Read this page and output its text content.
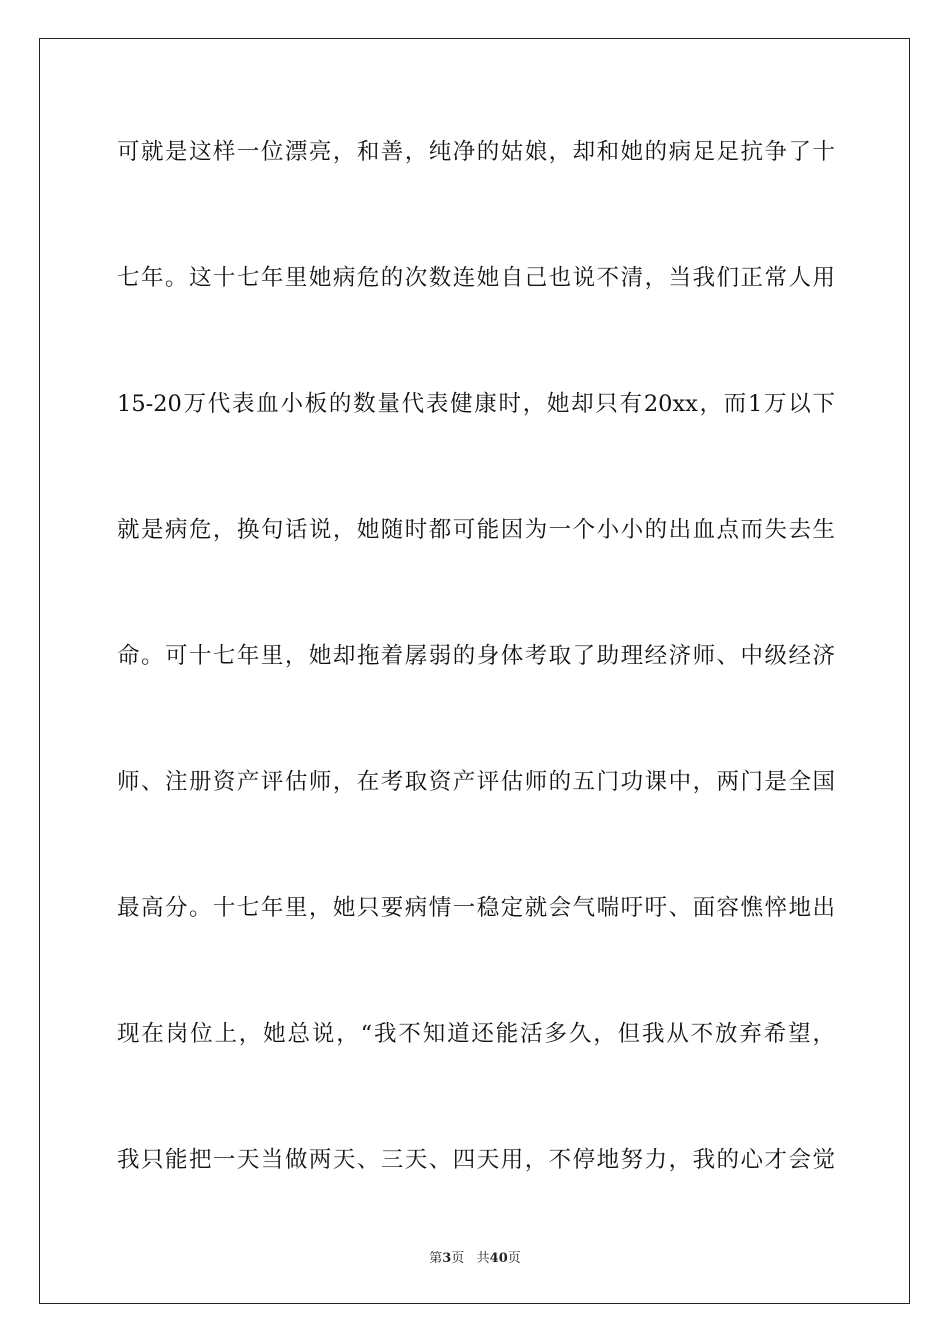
可就是这样一位漂亮，和善，纯净的姑娘，却和她的病足足抗争了十
七年。这十七年里她病危的次数连她自己也说不清，当我们正常人用
15-20万代表血小板的数量代表健康时，她却只有20xx，而1万以下
就是病危，换句话说，她随时都可能因为一个小小的出血点而失去生
命。可十七年里，她却拖着孱弱的身体考取了助理经济师、中级经济
师、注册资产评估师，在考取资产评估师的五门功课中，两门是全国
最高分。十七年里，她只要病情一稳定就会气喘吁吁、面容憔悴地出
现在岗位上，她总说，“我不知道还能活多久，但我从不放弃希望，
我只能把一天当做两天、三天、四天用，不停地努力，我的心才会觉
第3页   共40页
